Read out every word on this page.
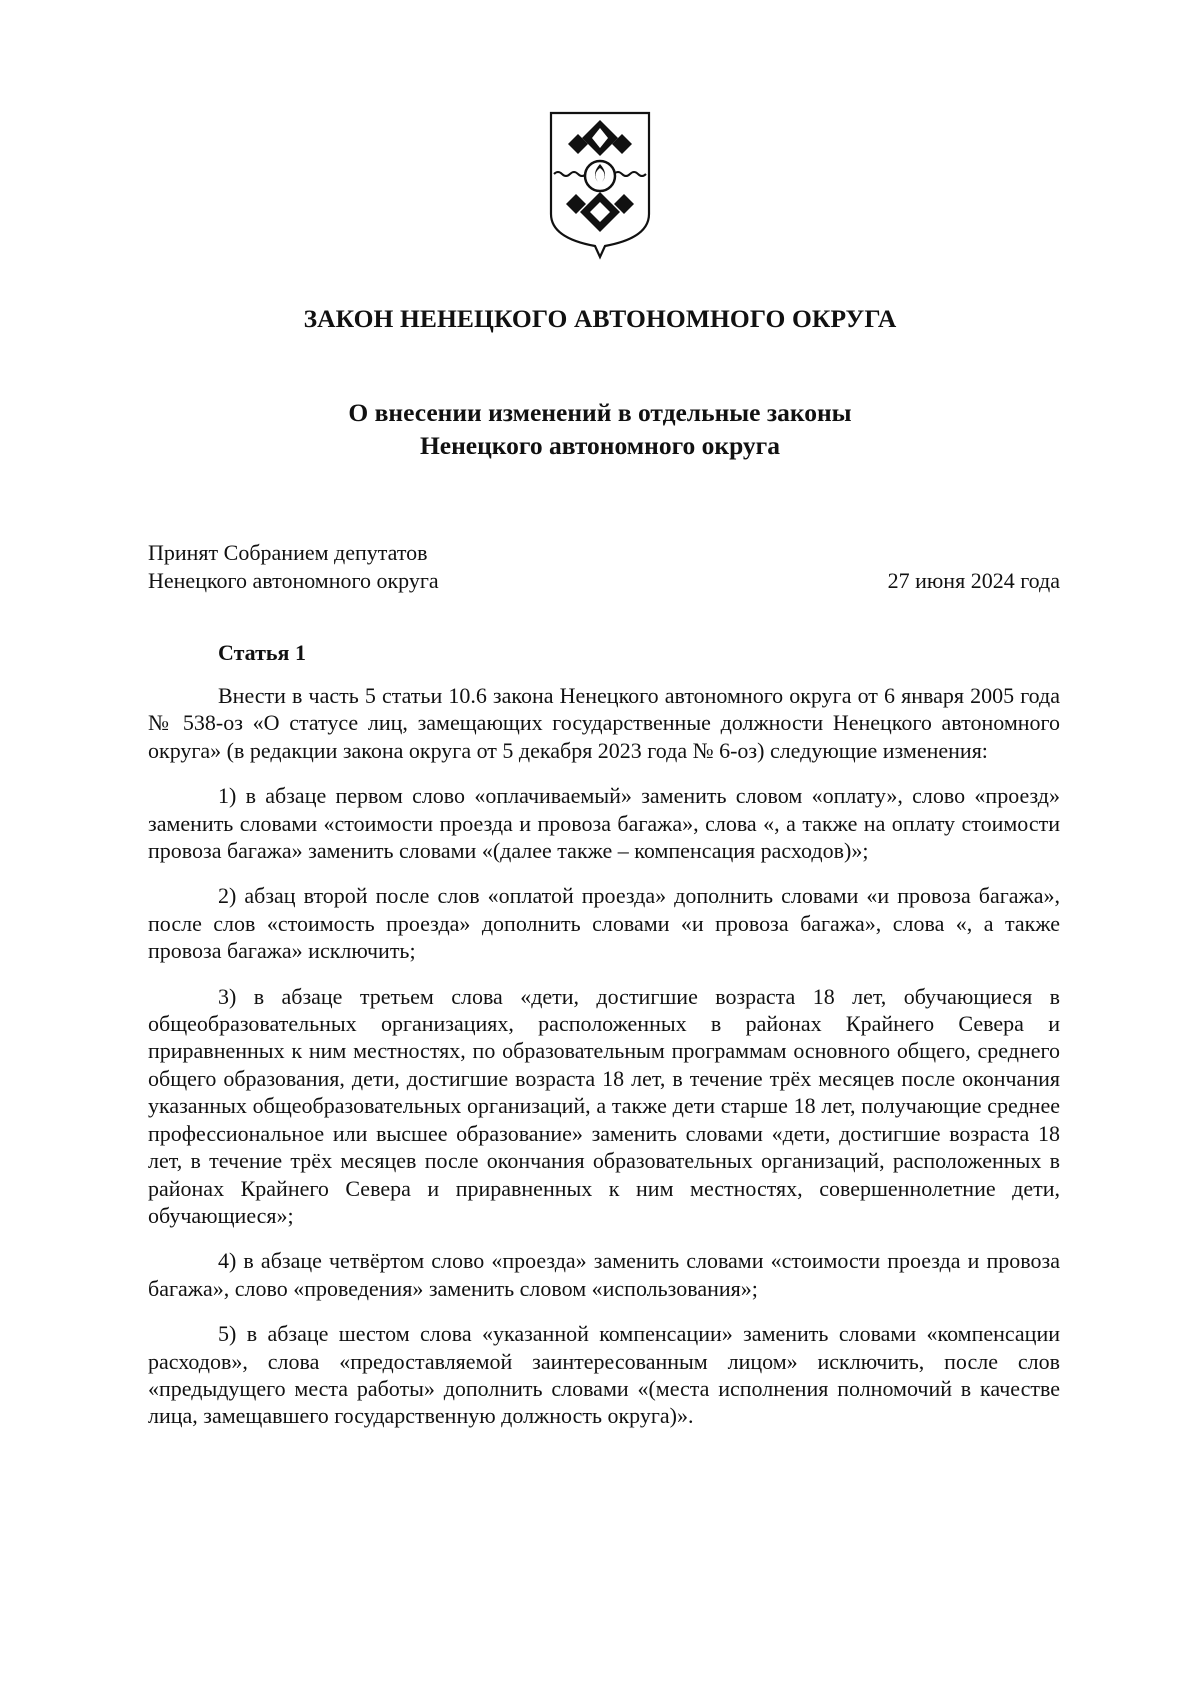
ЗАКОН НЕНЕЦКОГО АВТОНОМНОГО ОКРУГА
О внесении изменений в отдельные законы
Ненецкого автономного округа
Принят Собранием депутатов
Ненецкого автономного округа	27 июня 2024 года
Статья 1

Внести в часть 5 статьи 10.6 закона Ненецкого автономного округа от 6 января 2005 года № 538-оз «О статусе лиц, замещающих государственные должности Ненецкого автономного округа» (в редакции закона округа от 5 декабря 2023 года № 6-оз) следующие изменения:

1) в абзаце первом слово «оплачиваемый» заменить словом «оплату», слово «проезд» заменить словами «стоимости проезда и провоза багажа», слова «, а также на оплату стоимости провоза багажа» заменить словами «(далее также – компенсация расходов)»;

2) абзац второй после слов «оплатой проезда» дополнить словами «и провоза багажа», после слов «стоимость проезда» дополнить словами «и провоза багажа», слова «, а также провоза багажа» исключить;

3) в абзаце третьем слова «дети, достигшие возраста 18 лет, обучающиеся в общеобразовательных организациях, расположенных в районах Крайнего Севера и приравненных к ним местностях, по образовательным программам основного общего, среднего общего образования, дети, достигшие возраста 18 лет, в течение трёх месяцев после окончания указанных общеобразовательных организаций, а также дети старше 18 лет, получающие среднее профессиональное или высшее образование» заменить словами «дети, достигшие возраста 18 лет, в течение трёх месяцев после окончания образовательных организаций, расположенных в районах Крайнего Севера и приравненных к ним местностях, совершеннолетние дети, обучающиеся»;

4) в абзаце четвёртом слово «проезда» заменить словами «стоимости проезда и провоза багажа», слово «проведения» заменить словом «использования»;

5) в абзаце шестом слова «указанной компенсации» заменить словами «компенсации расходов», слова «предоставляемой заинтересованным лицом» исключить, после слов «предыдущего места работы» дополнить словами «(места исполнения полномочий в качестве лица, замещавшего государственную должность округа)».
